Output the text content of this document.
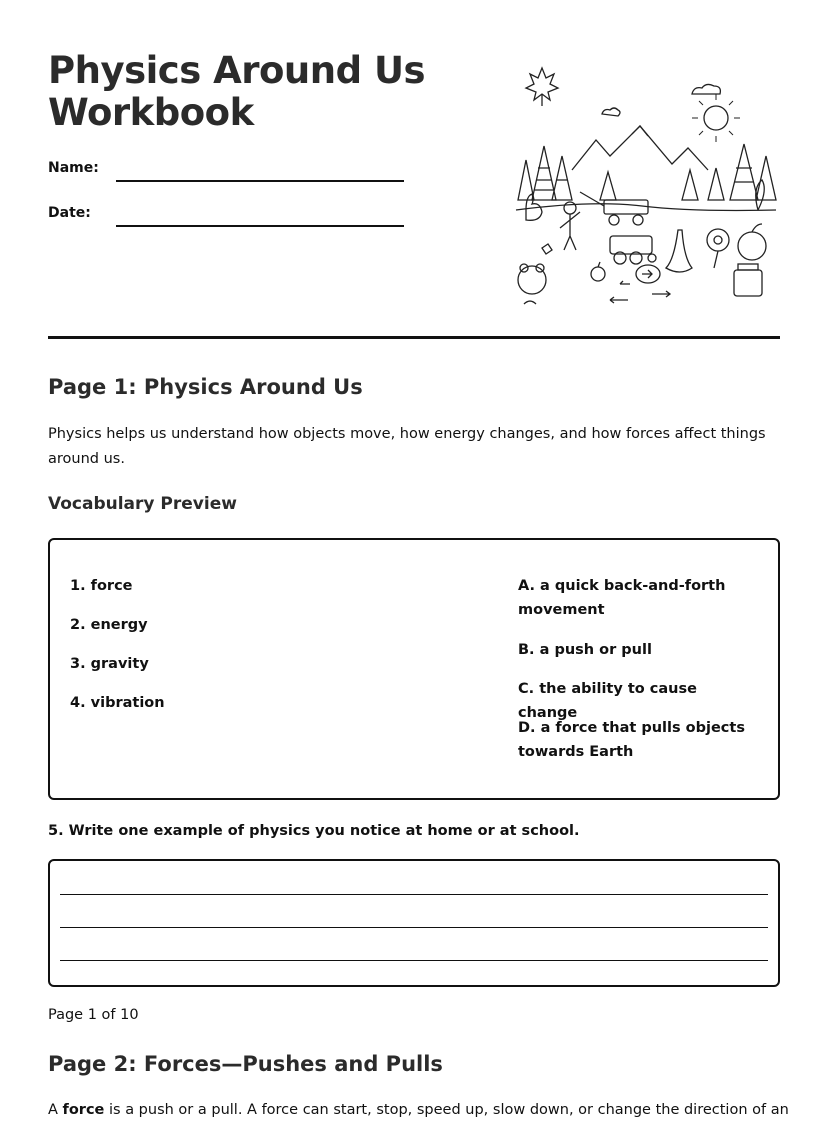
Physics Around Us
Workbook
Name:
Date:
Page 1: Physics Around Us

Physics helps us understand how objects move, how energy changes, and how forces affect things around us.

Vocabulary Preview
1. force
2. energy
3. gravity
4. vibration
A. a quick back-and-forth movement
B. a push or pull
C. the ability to cause change
D. a force that pulls objects towards Earth

5. Write one example of physics you notice at home or at school.

Page 1 of 10
Page 2: Forces—Pushes and Pulls

A force is a push or a pull. A force can start, stop, speed up, slow down, or change the direction of an
